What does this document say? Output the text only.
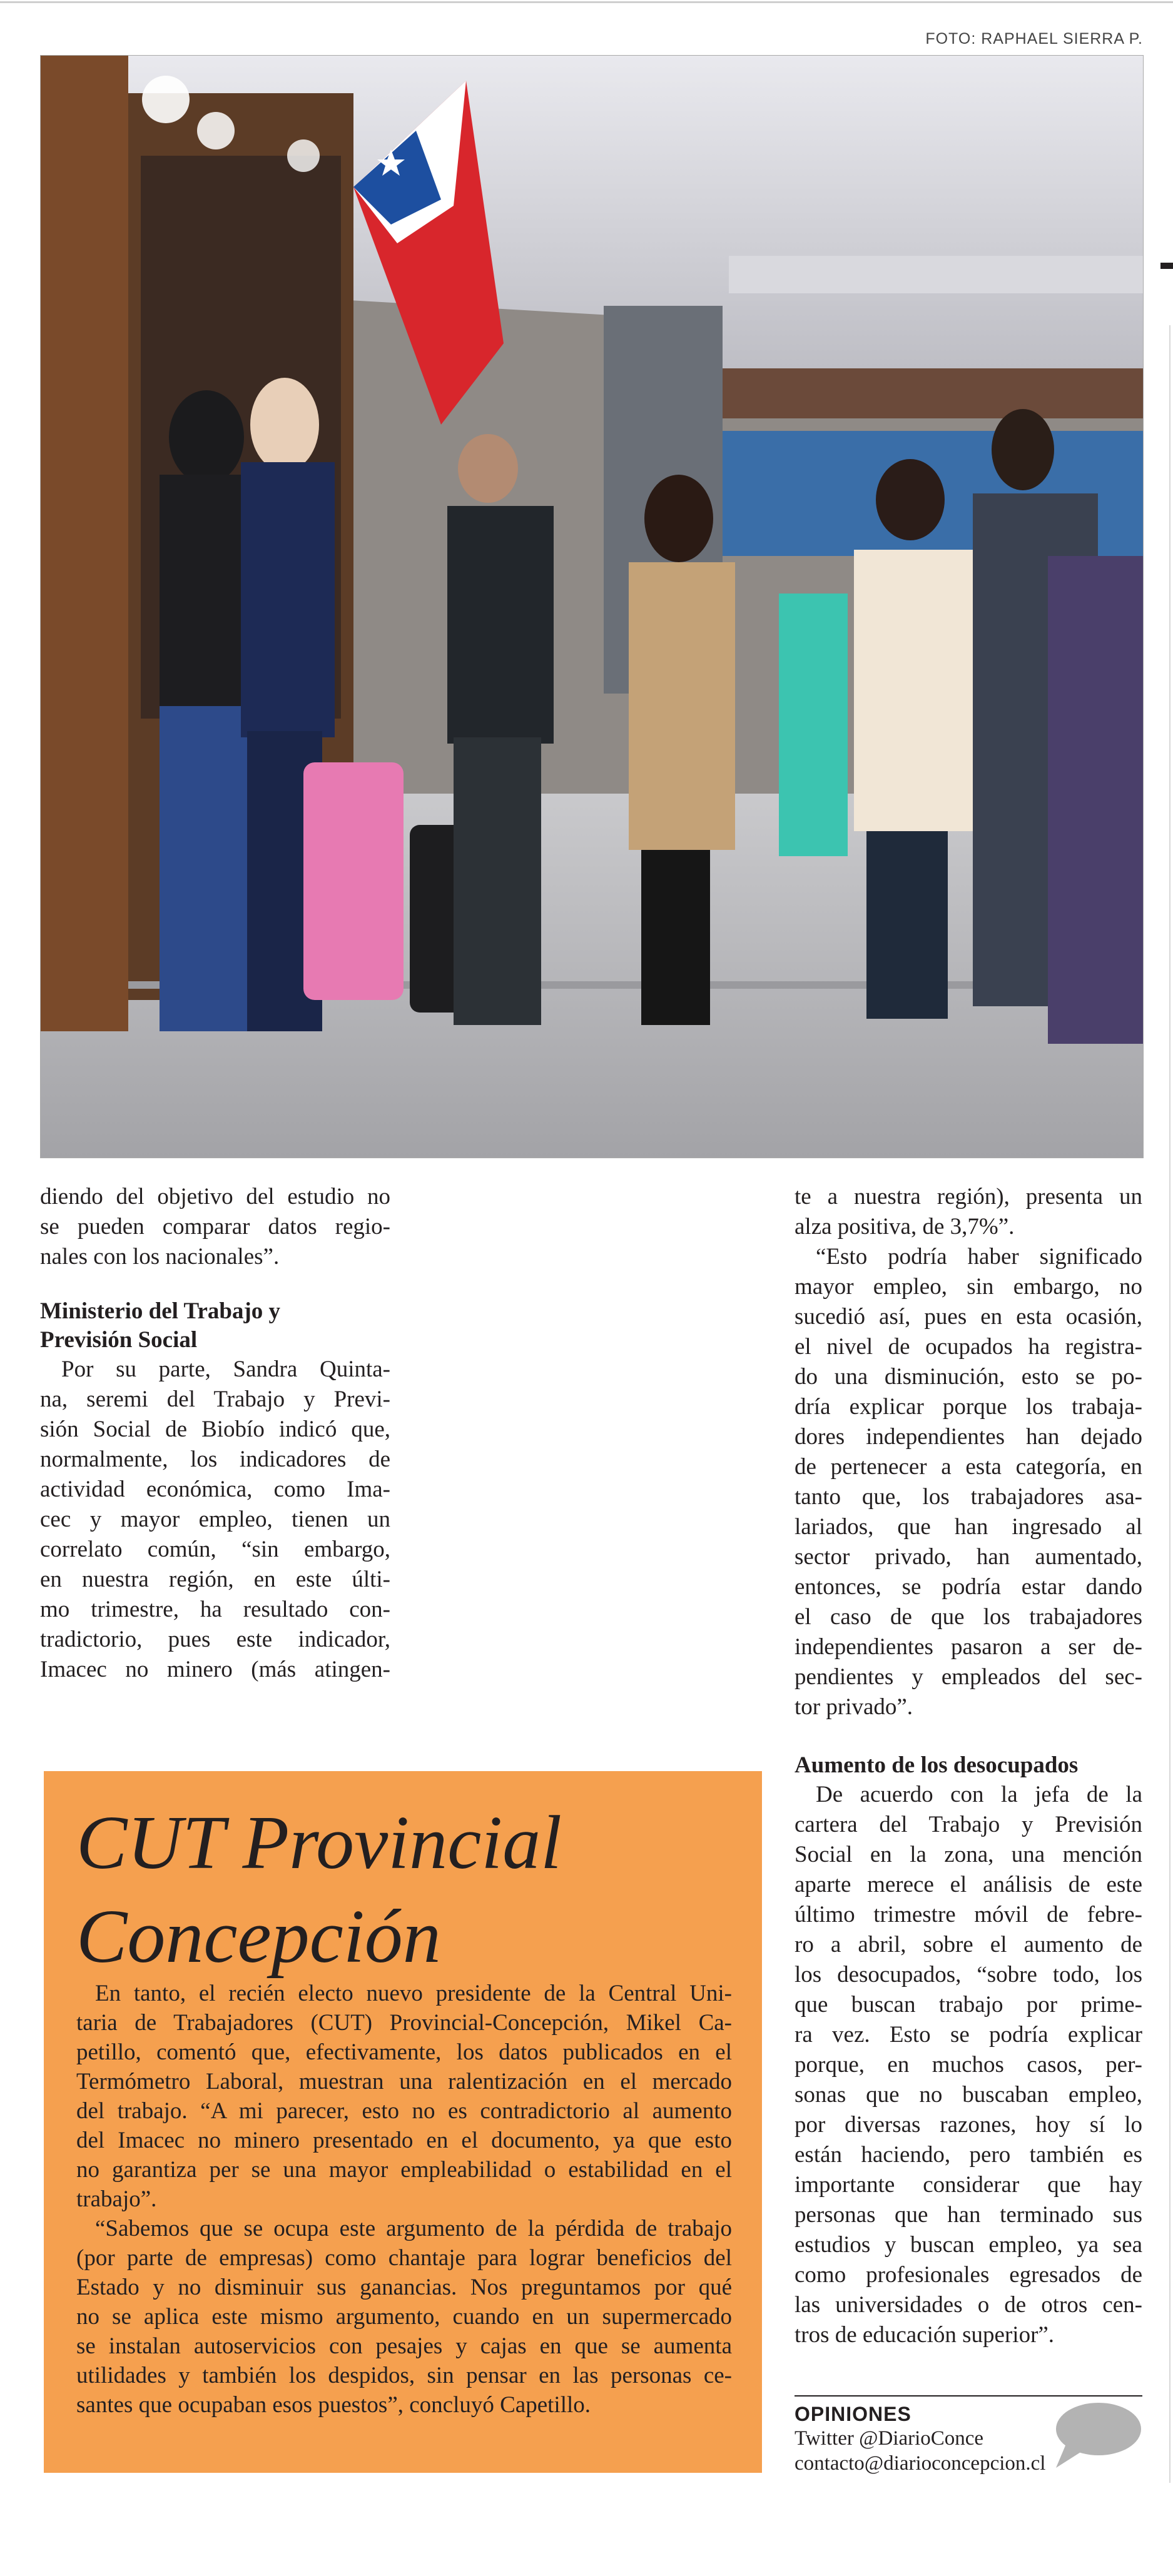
FOTO: RAPHAEL SIERRA P.
diendo del objetivo del estudio no
se pueden comparar datos regio-
nales con los nacionales”.
Ministerio del Trabajo y
Previsión Social
Por su parte, Sandra Quinta-
na, seremi del Trabajo y Previ-
sión Social de Biobío indicó que,
normalmente, los indicadores de
actividad económica, como Ima-
cec y mayor empleo, tienen un
correlato común, “sin embargo,
en nuestra región, en este últi-
mo trimestre, ha resultado con-
tradictorio, pues este indicador,
Imacec no minero (más atingen-
te a nuestra región), presenta un
alza positiva, de 3,7%”.
“Esto podría haber significado
mayor empleo, sin embargo, no
sucedió así, pues en esta ocasión,
el nivel de ocupados ha registra-
do una disminución, esto se po-
dría explicar porque los trabaja-
dores independientes han dejado
de pertenecer a esta categoría, en
tanto que, los trabajadores asa-
lariados, que han ingresado al
sector privado, han aumentado,
entonces, se podría estar dando
el caso de que los trabajadores
independientes pasaron a ser de-
pendientes y empleados del sec-
tor privado”.
Aumento de los desocupados
De acuerdo con la jefa de la
cartera del Trabajo y Previsión
Social en la zona, una mención
aparte merece el análisis de este
último trimestre móvil de febre-
ro a abril, sobre el aumento de
los desocupados, “sobre todo, los
que buscan trabajo por prime-
ra vez. Esto se podría explicar
porque, en muchos casos, per-
sonas que no buscaban empleo,
por diversas razones, hoy sí lo
están haciendo, pero también es
importante considerar que hay
personas que han terminado sus
estudios y buscan empleo, ya sea
como profesionales egresados de
las universidades o de otros cen-
tros de educación superior”.
CUT Provincial
Concepción
En tanto, el recién electo nuevo presidente de la Central Uni-
taria de Trabajadores (CUT) Provincial-Concepción, Mikel Ca-
petillo, comentó que, efectivamente, los datos publicados en el
Termómetro Laboral, muestran una ralentización en el mercado
del trabajo. “A mi parecer, esto no es contradictorio al aumento
del Imacec no minero presentado en el documento, ya que esto
no garantiza per se una mayor empleabilidad o estabilidad en el
trabajo”.
“Sabemos que se ocupa este argumento de la pérdida de trabajo
(por parte de empresas) como chantaje para lograr beneficios del
Estado y no disminuir sus ganancias. Nos preguntamos por qué
no se aplica este mismo argumento, cuando en un supermercado
se instalan autoservicios con pesajes y cajas en que se aumenta
utilidades y también los despidos, sin pensar en las personas ce-
santes que ocupaban esos puestos”, concluyó Capetillo.	OPINIONES
Twitter @DiarioConce
contacto@diarioconcepcion.cl
